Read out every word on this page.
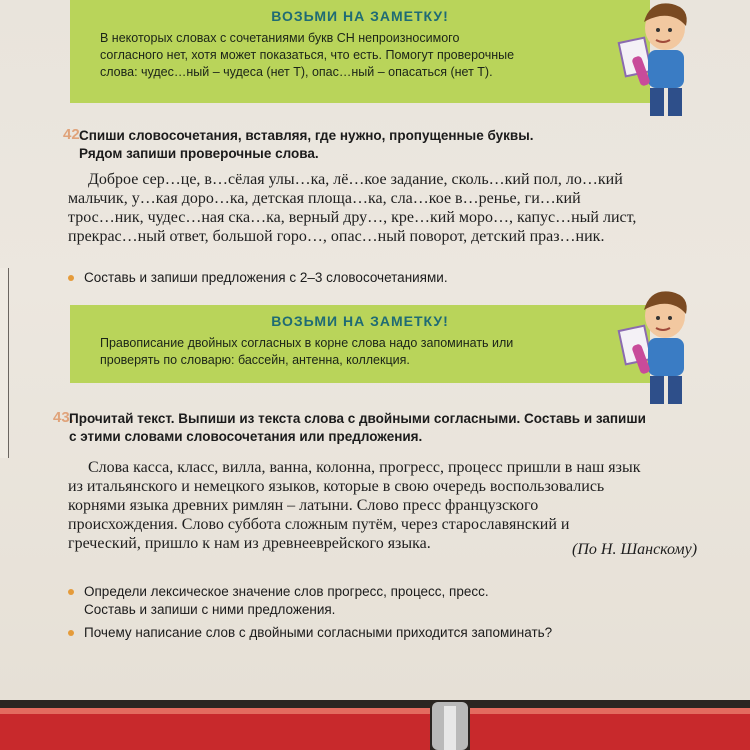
ВОЗЬМИ НА ЗАМЕТКУ!
В некоторых словах с сочетаниями букв СН непроизносимого
согласного нет, хотя может показаться, что есть. Помогут проверочные
слова: чудес…ный – чудеса (нет Т), опас…ный – опасаться (нет Т).
42.
Спиши словосочетания, вставляя, где нужно, пропущенные буквы.
Рядом запиши проверочные слова.
Доброе сер…це, в…сёлая улы…ка, лё…кое задание, сколь…кий пол, ло…кий
мальчик, у…кая доро…ка, детская площа…ка, сла…кое в…ренье, ги…кий
трос…ник, чудес…ная ска…ка, верный дру…, кре…кий моро…, капус…ный лист,
прекрас…ный ответ, большой горо…, опас…ный поворот, детский праз…ник.
Составь и запиши предложения с 2–3 словосочетаниями.
ВОЗЬМИ НА ЗАМЕТКУ!
Правописание двойных согласных в корне слова надо запоминать или
проверять по словарю: бассейн, антенна, коллекция.
43.
Прочитай текст. Выпиши из текста слова с двойными согласными. Составь и запиши
с этими словами словосочетания или предложения.
Слова касса, класс, вилла, ванна, колонна, прогресс, процесс пришли в наш язык
из итальянского и немецкого языков, которые в свою очередь воспользовались
корнями языка древних римлян – латыни. Слово пресс французского
происхождения. Слово суббота сложным путём, через старославянский и
греческий, пришло к нам из древнееврейского языка.	(По Н. Шанскому)
Определи лексическое значение слов прогресс, процесс, пресс.
Составь и запиши с ними предложения.
Почему написание слов с двойными согласными приходится запоминать?
